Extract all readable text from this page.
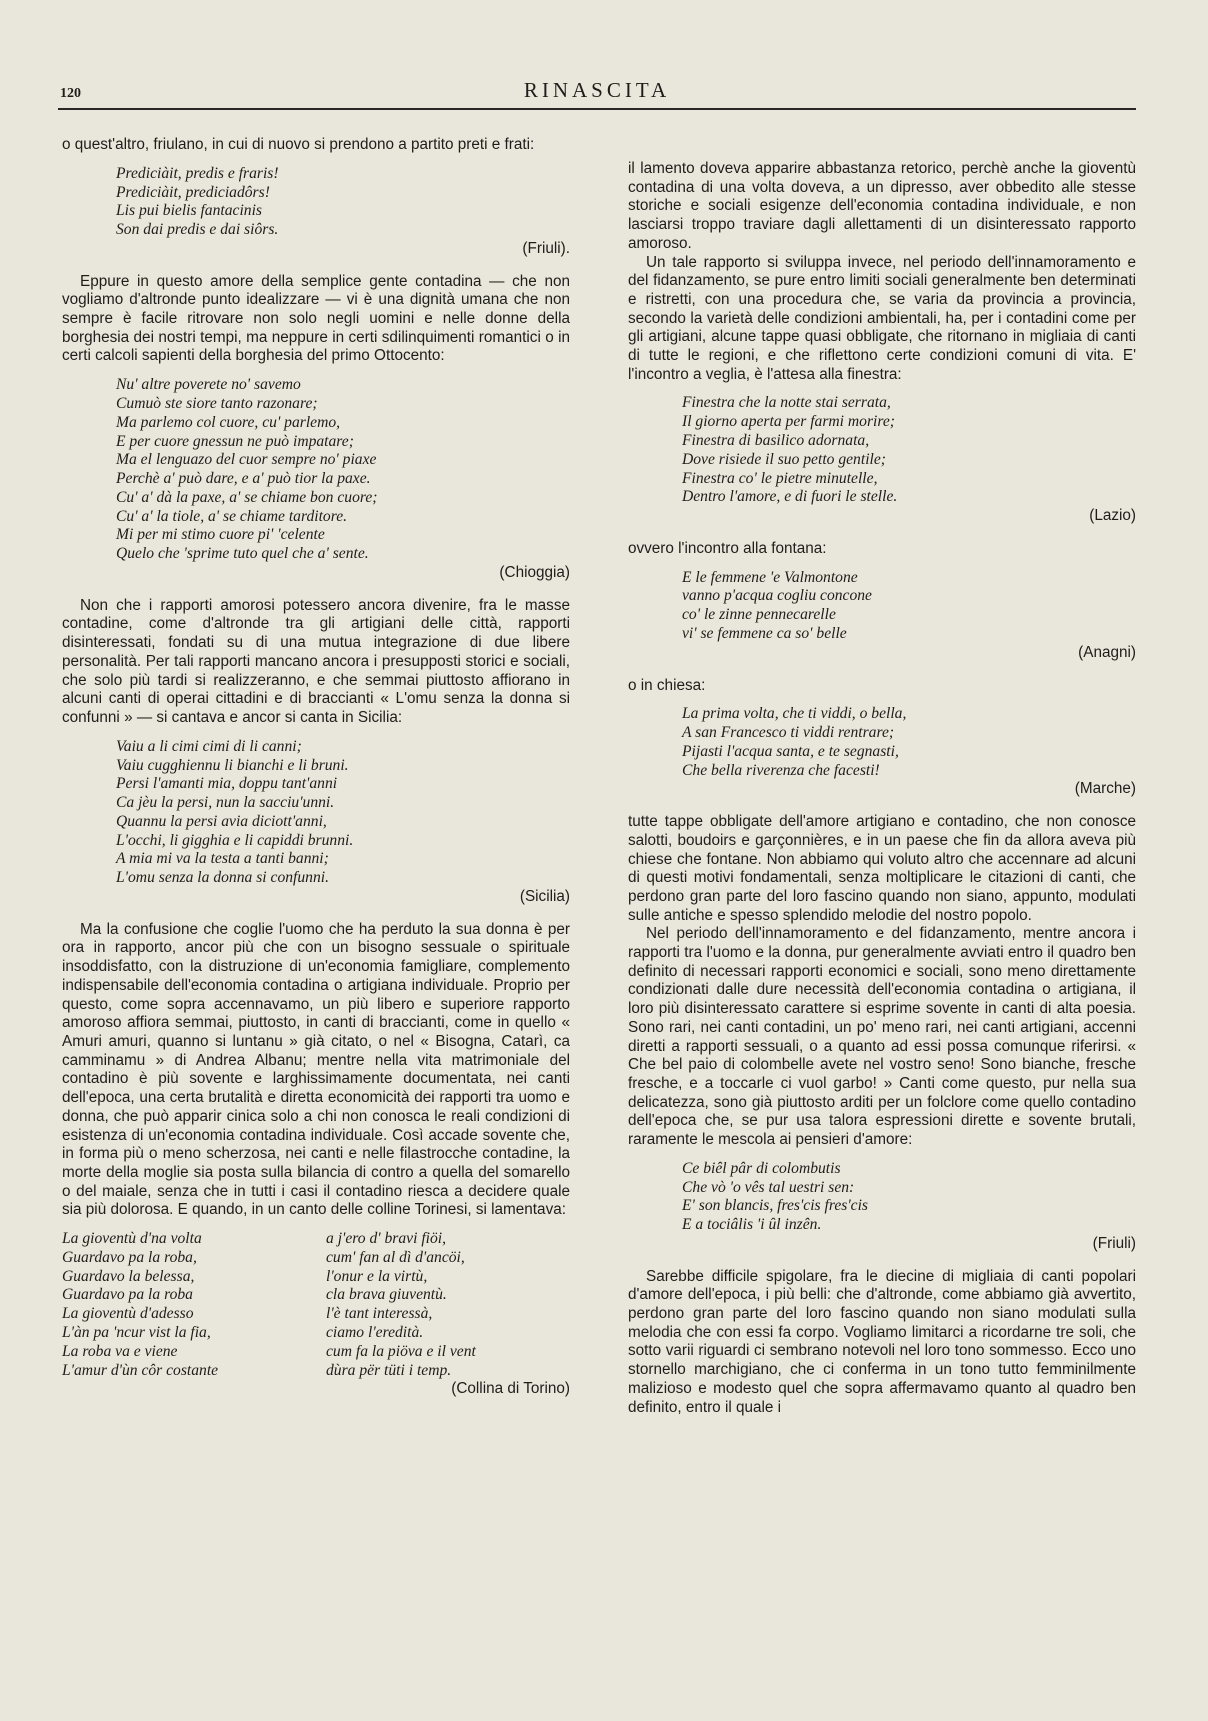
120	RINASCITA

o quest'altro, friulano, in cui di nuovo si prendono a partito preti e frati:

Prediciàit, predis e fraris!
Prediciàit, prediciadôrs!
Lis pui bielis fantacinis
Son dai predis e dai siôrs.
(Friuli).

Eppure in questo amore della semplice gente contadina — che non vogliamo d'altronde punto idealizzare — vi è una dignità umana che non sempre è facile ritrovare non solo negli uomini e nelle donne della borghesia dei nostri tempi, ma neppure in certi sdilinquimenti romantici o in certi calcoli sapienti della borghesia del primo Ottocento:

Nu' altre poverete no' savemo
Cumuò ste siore tanto razonare;
Ma parlemo col cuore, cu' parlemo,
E per cuore gnessun ne può impatare;
Ma el lenguazo del cuor sempre no' piaxe
Perchè a' può dare, e a' può tior la paxe.
Cu' a' dà la paxe, a' se chiame bon cuore;
Cu' a' la tiole, a' se chiame tarditore.
Mi per mi stimo cuore pi' 'celente
Quelo che 'sprime tuto quel che a' sente.
(Chioggia)

Non che i rapporti amorosi potessero ancora divenire, fra le masse contadine, come d'altronde tra gli artigiani delle città, rapporti disinteressati, fondati su di una mutua integrazione di due libere personalità. Per tali rapporti mancano ancora i presupposti storici e sociali, che solo più tardi si realizzeranno, e che semmai piuttosto affiorano in alcuni canti di operai cittadini e di braccianti « L'omu senza la donna si confunni » — si cantava e ancor si canta in Sicilia:

Vaiu a li cimi cimi di li canni;
Vaiu cugghiennu li bianchi e li bruni.
Persi l'amanti mia, doppu tant'anni
Ca jèu la persi, nun la sacciu'unni.
Quannu la persi avia diciott'anni,
L'occhi, li gigghia e li capiddi brunni.
A mia mi va la testa a tanti banni;
L'omu senza la donna si confunni.
(Sicilia)

Ma la confusione che coglie l'uomo che ha perduto la sua donna è per ora in rapporto, ancor più che con un bisogno sessuale o spirituale insoddisfatto, con la distruzione di un'economia famigliare, complemento indispensabile dell'economia contadina o artigiana individuale. Proprio per questo, come sopra accennavamo, un più libero e superiore rapporto amoroso affiora semmai, piuttosto, in canti di braccianti, come in quello « Amuri amuri, quanno si luntanu » già citato, o nel « Bisogna, Catarì, ca camminamu » di Andrea Albanu; mentre nella vita matrimoniale del contadino è più sovente e larghissimamente documentata, nei canti dell'epoca, una certa brutalità e diretta economicità dei rapporti tra uomo e donna, che può apparir cinica solo a chi non conosca le reali condizioni di esistenza di un'economia contadina individuale. Così accade sovente che, in forma più o meno scherzosa, nei canti e nelle filastrocche contadine, la morte della moglie sia posta sulla bilancia di contro a quella del somarello o del maiale, senza che in tutti i casi il contadino riesca a decidere quale sia più dolorosa. E quando, in un canto delle colline Torinesi, si lamentava:

La gioventù d'na volta
Guardavo pa la roba,
Guardavo la belessa,
Guardavo pa la roba
La gioventù d'adesso
L'àn pa 'ncur vist la fia,
La roba va e viene
L'amur d'ùn côr costante
a j'ero d' bravi fiöi,
cum' fan al dì d'ancöi,
l'onur e la virtù,
cla brava giuventù.
l'è tant interessà,
ciamo l'eredità.
cum fa la piöva e il vent
dùra për tüti i temp.
(Collina di Torino)

il lamento doveva apparire abbastanza retorico, perchè anche la gioventù contadina di una volta doveva, a un dipresso, aver obbedito alle stesse storiche e sociali esigenze dell'economia contadina individuale, e non lasciarsi troppo traviare dagli allettamenti di un disinteressato rapporto amoroso.

Un tale rapporto si sviluppa invece, nel periodo dell'innamoramento e del fidanzamento, se pure entro limiti sociali generalmente ben determinati e ristretti, con una procedura che, se varia da provincia a provincia, secondo la varietà delle condizioni ambientali, ha, per i contadini come per gli artigiani, alcune tappe quasi obbligate, che ritornano in migliaia di canti di tutte le regioni, e che riflettono certe condizioni comuni di vita. E' l'incontro a veglia, è l'attesa alla finestra:

Finestra che la notte stai serrata,
Il giorno aperta per farmi morire;
Finestra di basilico adornata,
Dove risiede il suo petto gentile;
Finestra co' le pietre minutelle,
Dentro l'amore, e di fuori le stelle.
(Lazio)

ovvero l'incontro alla fontana:

E le femmene 'e Valmontone
vanno p'acqua cogliu concone
co' le zinne pennecarelle
vi' se femmene ca so' belle
(Anagni)

o in chiesa:

La prima volta, che ti viddi, o bella,
A san Francesco ti viddi rentrare;
Pijasti l'acqua santa, e te segnasti,
Che bella riverenza che facesti!
(Marche)

tutte tappe obbligate dell'amore artigiano e contadino, che non conosce salotti, boudoirs e garçonnières, e in un paese che fin da allora aveva più chiese che fontane. Non abbiamo qui voluto altro che accennare ad alcuni di questi motivi fondamentali, senza moltiplicare le citazioni di canti, che perdono gran parte del loro fascino quando non siano, appunto, modulati sulle antiche e spesso splendido melodie del nostro popolo.

Nel periodo dell'innamoramento e del fidanzamento, mentre ancora i rapporti tra l'uomo e la donna, pur generalmente avviati entro il quadro ben definito di necessari rapporti economici e sociali, sono meno direttamente condizionati dalle dure necessità dell'economia contadina o artigiana, il loro più disinteressato carattere si esprime sovente in canti di alta poesia. Sono rari, nei canti contadini, un po' meno rari, nei canti artigiani, accenni diretti a rapporti sessuali, o a quanto ad essi possa comunque riferirsi. « Che bel paio di colombelle avete nel vostro seno! Sono bianche, fresche fresche, e a toccarle ci vuol garbo! » Canti come questo, pur nella sua delicatezza, sono già piuttosto arditi per un folclore come quello contadino dell'epoca che, se pur usa talora espressioni dirette e sovente brutali, raramente le mescola ai pensieri d'amore:

Ce biêl pâr di colombutis
Che vò 'o vês tal uestri sen:
E' son blancis, fres'cis fres'cis
E a tociâlis 'i ûl inzên.
(Friuli)

Sarebbe difficile spigolare, fra le diecine di migliaia di canti popolari d'amore dell'epoca, i più belli: che d'altronde, come abbiamo già avvertito, perdono gran parte del loro fascino quando non siano modulati sulla melodia che con essi fa corpo. Vogliamo limitarci a ricordarne tre soli, che sotto varii riguardi ci sembrano notevoli nel loro tono sommesso. Ecco uno stornello marchigiano, che ci conferma in un tono tutto femminilmente malizioso e modesto quel che sopra affermavamo quanto al quadro ben definito, entro il quale i
